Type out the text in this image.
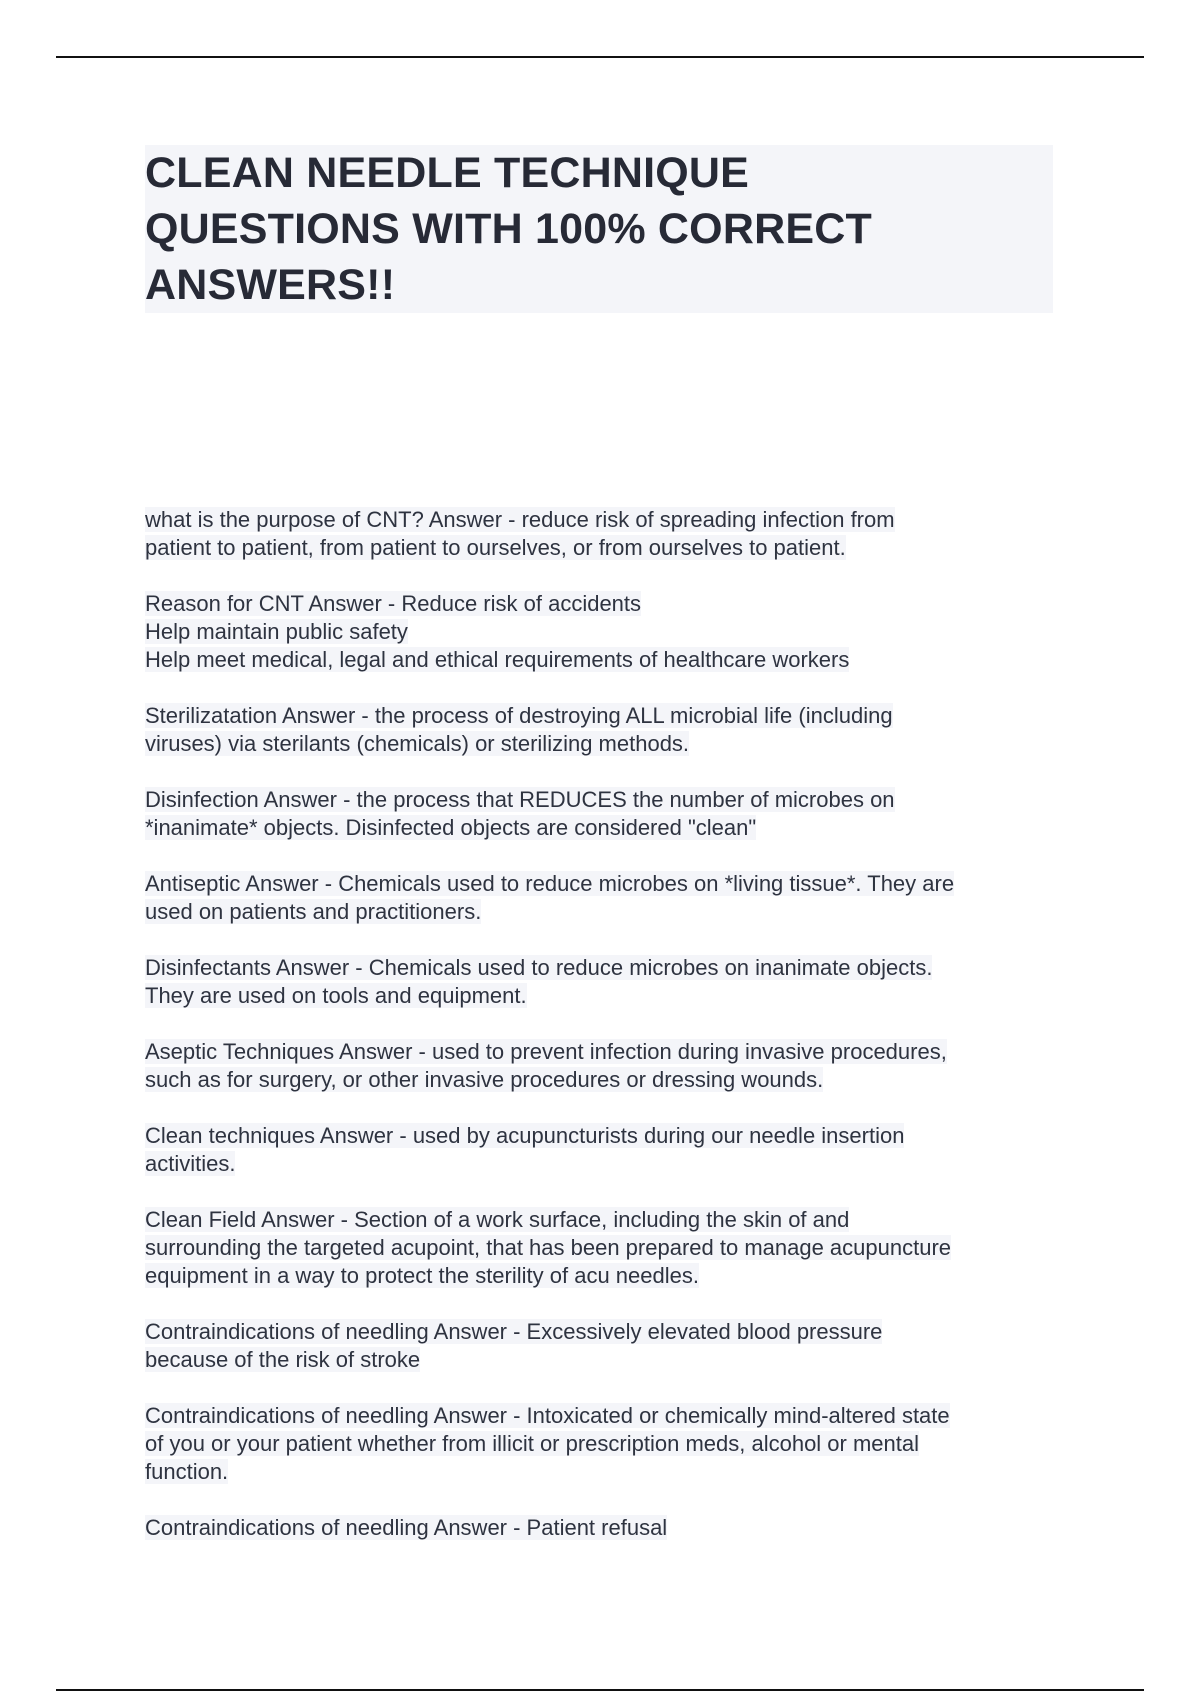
CLEAN NEEDLE TECHNIQUE
QUESTIONS WITH 100% CORRECT
ANSWERS!!

what is the purpose of CNT? Answer - reduce risk of spreading infection from
patient to patient, from patient to ourselves, or from ourselves to patient.

Reason for CNT Answer - Reduce risk of accidents
Help maintain public safety
Help meet medical, legal and ethical requirements of healthcare workers

Sterilizatation Answer - the process of destroying ALL microbial life (including
viruses) via sterilants (chemicals) or sterilizing methods.

Disinfection Answer - the process that REDUCES the number of microbes on
*inanimate* objects. Disinfected objects are considered "clean"

Antiseptic Answer - Chemicals used to reduce microbes on *living tissue*. They are
used on patients and practitioners.

Disinfectants Answer - Chemicals used to reduce microbes on inanimate objects.
They are used on tools and equipment.

Aseptic Techniques Answer - used to prevent infection during invasive procedures,
such as for surgery, or other invasive procedures or dressing wounds.

Clean techniques Answer - used by acupuncturists during our needle insertion
activities.

Clean Field Answer - Section of a work surface, including the skin of and
surrounding the targeted acupoint, that has been prepared to manage acupuncture
equipment in a way to protect the sterility of acu needles.

Contraindications of needling Answer - Excessively elevated blood pressure
because of the risk of stroke

Contraindications of needling Answer - Intoxicated or chemically mind-altered state
of you or your patient whether from illicit or prescription meds, alcohol or mental
function.

Contraindications of needling Answer - Patient refusal
